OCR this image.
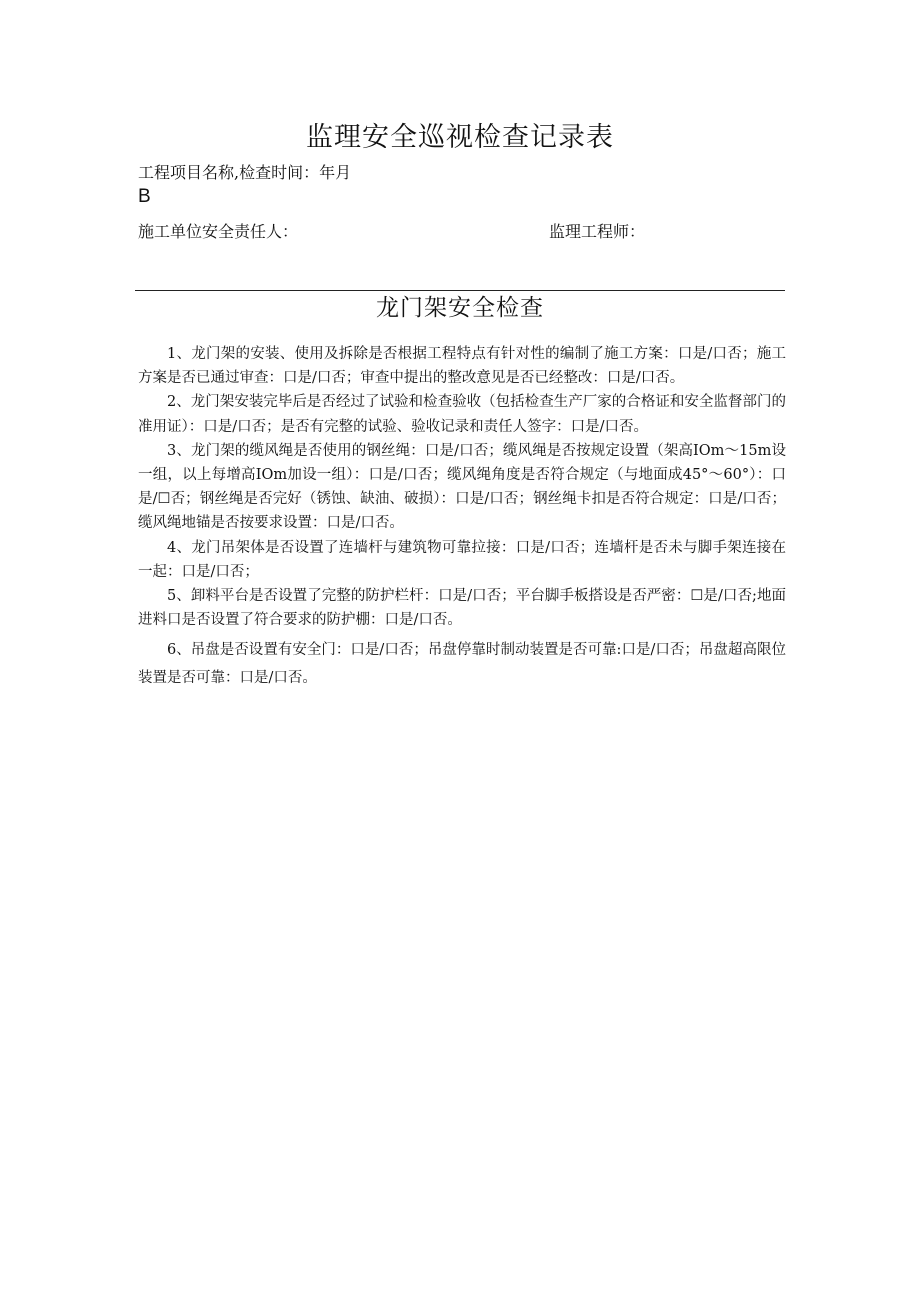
监理安全巡视检查记录表
工程项目名称,检查时间：年月
B
施工单位安全责任人：	监理工程师：
龙门架安全检查

1、龙门架的安装、使用及拆除是否根据工程特点有针对性的编制了施工方案：口是/口否；施工方案是否已通过审查：口是/口否；审查中提出的整改意见是否已经整改：口是/口否。

2、龙门架安装完毕后是否经过了试验和检查验收（包括检查生产厂家的合格证和安全监督部门的准用证）：口是/口否；是否有完整的试验、验收记录和责任人签字：口是/口否。

3、龙门架的缆风绳是否使用的钢丝绳：口是/口否；缆风绳是否按规定设置（架高IOm～15m设一组，以上每增高IOm加设一组）：口是/口否；缆风绳角度是否符合规定（与地面成45°～60°）：口是/☐否；钢丝绳是否完好（锈蚀、缺油、破损）：口是/口否；钢丝绳卡扣是否符合规定：口是/口否；缆风绳地锚是否按要求设置：口是/口否。

4、龙门吊架体是否设置了连墙杆与建筑物可靠拉接：口是/口否；连墙杆是否未与脚手架连接在一起：口是/口否；

5、卸料平台是否设置了完整的防护栏杆：口是/口否；平台脚手板搭设是否严密：☐是/口否;地面进料口是否设置了符合要求的防护棚：口是/口否。

6、吊盘是否设置有安全门：口是/口否；吊盘停靠时制动装置是否可靠:口是/口否；吊盘超高限位装置是否可靠：口是/口否。
